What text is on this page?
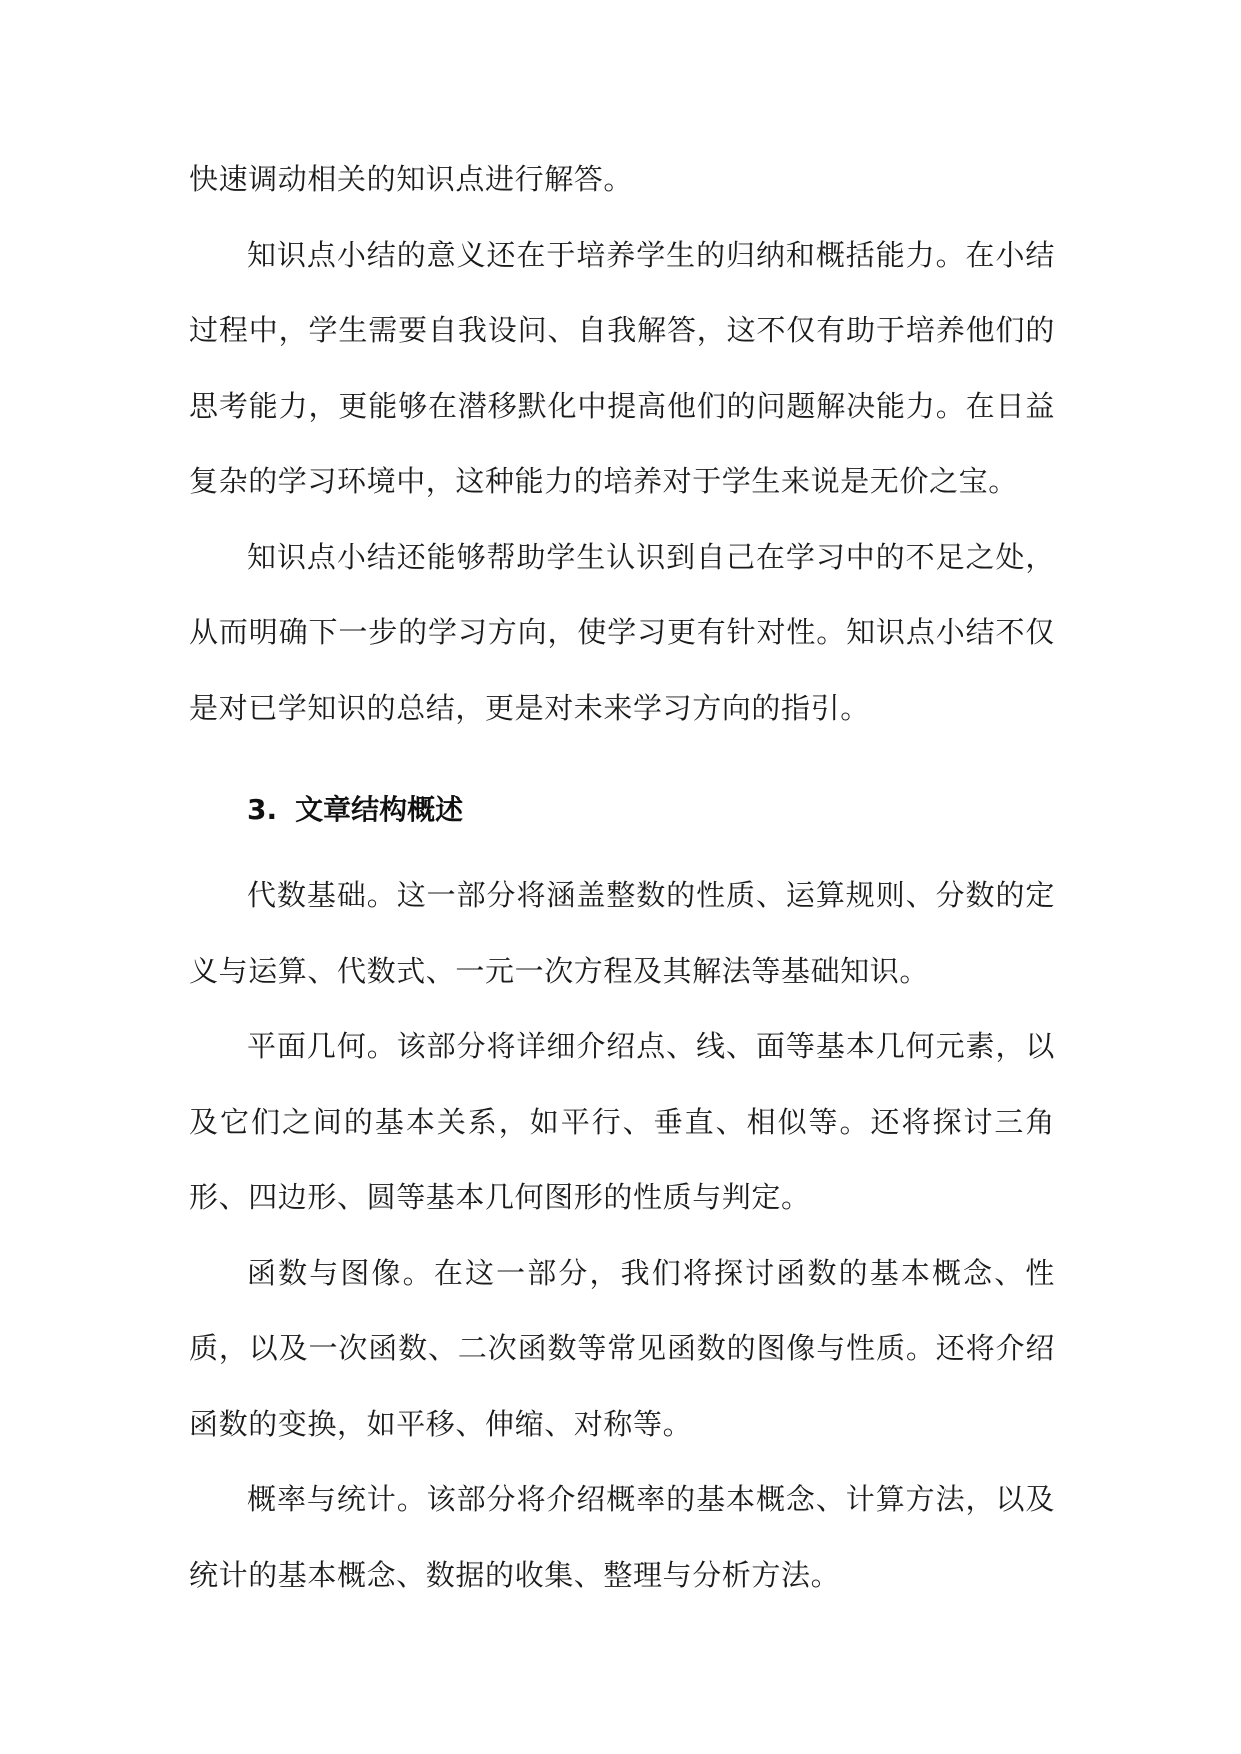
快速调动相关的知识点进行解答。

知识点小结的意义还在于培养学生的归纳和概括能力。在小结过程中，学生需要自我设问、自我解答，这不仅有助于培养他们的思考能力，更能够在潜移默化中提高他们的问题解决能力。在日益复杂的学习环境中，这种能力的培养对于学生来说是无价之宝。

知识点小结还能够帮助学生认识到自己在学习中的不足之处，从而明确下一步的学习方向，使学习更有针对性。知识点小结不仅是对已学知识的总结，更是对未来学习方向的指引。

3. 文章结构概述

代数基础。这一部分将涵盖整数的性质、运算规则、分数的定义与运算、代数式、一元一次方程及其解法等基础知识。

平面几何。该部分将详细介绍点、线、面等基本几何元素，以及它们之间的基本关系，如平行、垂直、相似等。还将探讨三角形、四边形、圆等基本几何图形的性质与判定。

函数与图像。在这一部分，我们将探讨函数的基本概念、性质，以及一次函数、二次函数等常见函数的图像与性质。还将介绍函数的变换，如平移、伸缩、对称等。

概率与统计。该部分将介绍概率的基本概念、计算方法，以及统计的基本概念、数据的收集、整理与分析方法。
